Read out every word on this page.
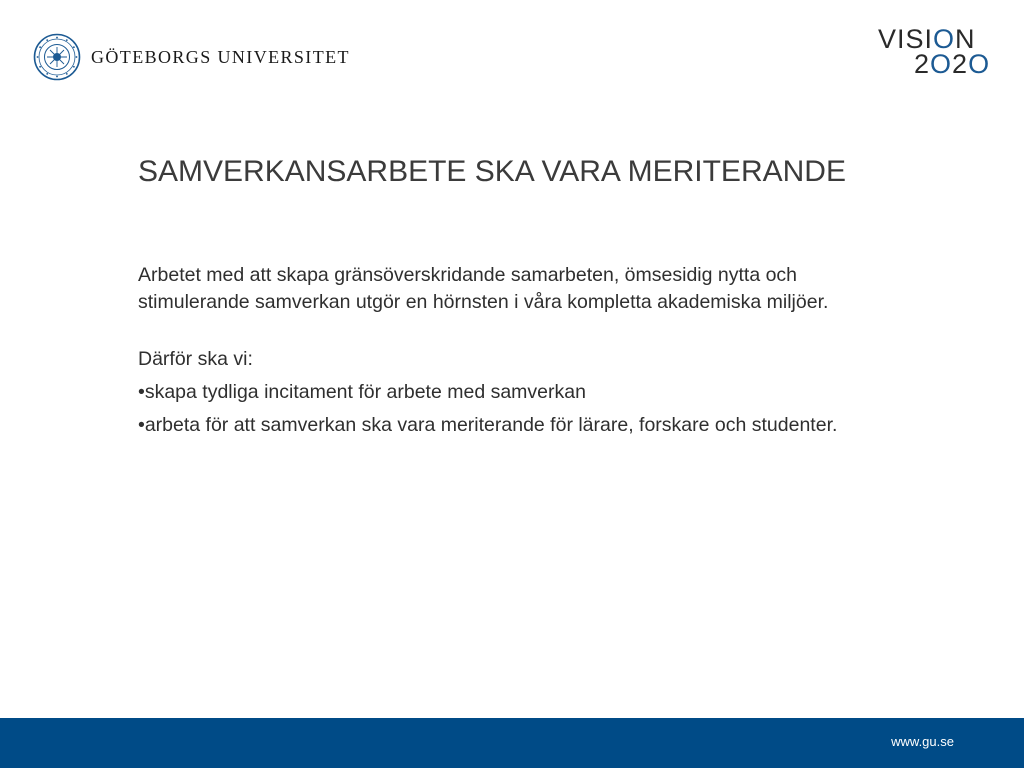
GÖTEBORGS UNIVERSITET
VISION
2O2O
SAMVERKANSARBETE SKA VARA MERITERANDE

Arbetet med att skapa gränsöverskridande samarbeten, ömsesidig nytta och stimulerande samverkan utgör en hörnsten i våra kompletta akademiska miljöer.

Därför ska vi:

•skapa tydliga incitament för arbete med samverkan
•arbeta för att samverkan ska vara meriterande för lärare, forskare och studenter.
www.gu.se
